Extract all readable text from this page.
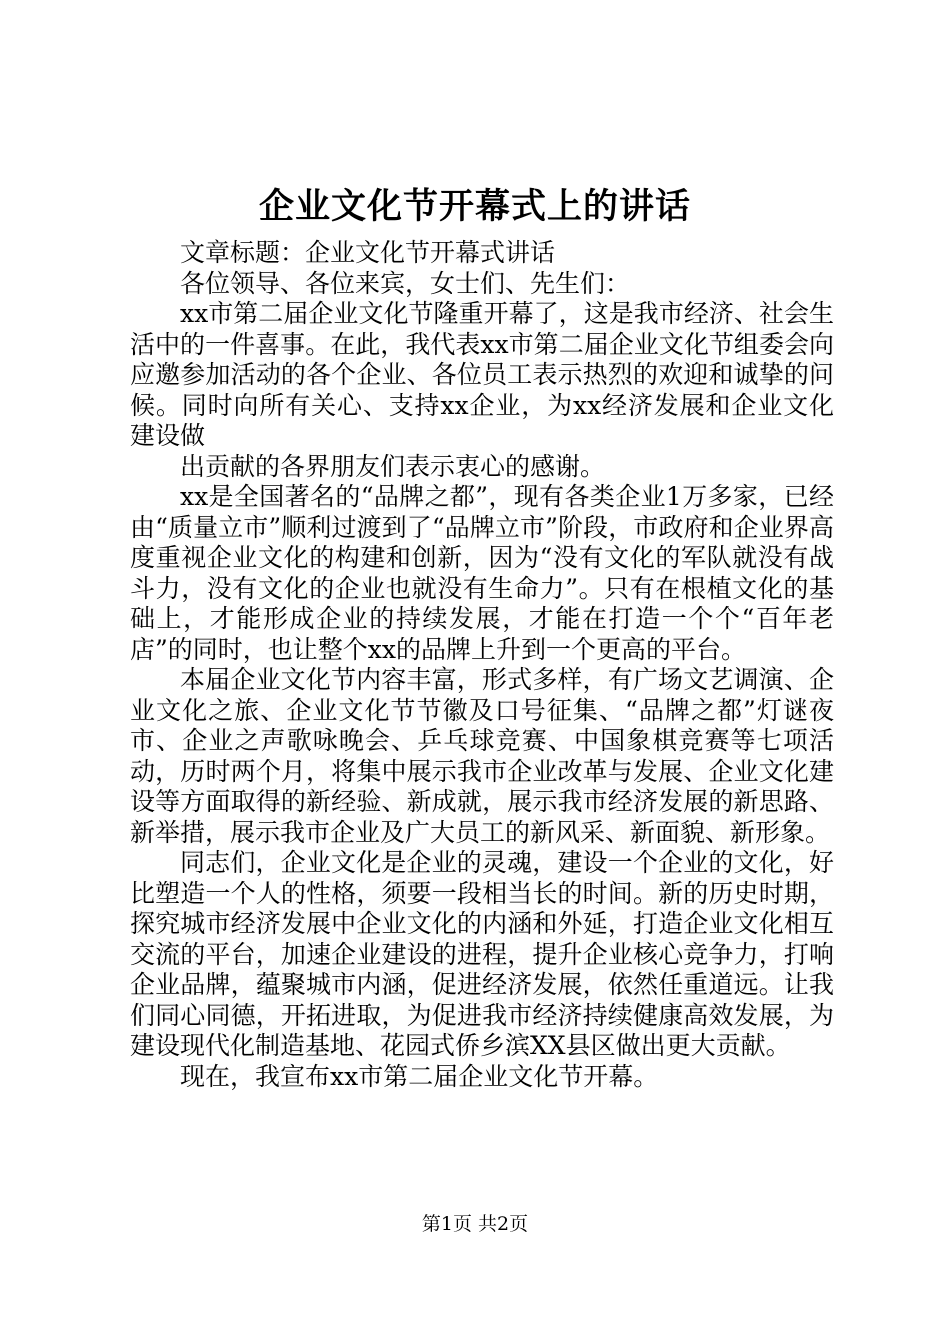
企业文化节开幕式上的讲话

文章标题：企业文化节开幕式讲话

各位领导、各位来宾，女士们、先生们：

xx市第二届企业文化节隆重开幕了，这是我市经济、社会生活中的一件喜事。在此，我代表xx市第二届企业文化节组委会向应邀参加活动的各个企业、各位员工表示热烈的欢迎和诚挚的问候。同时向所有关心、支持xx企业，为xx经济发展和企业文化建设做

出贡献的各界朋友们表示衷心的感谢。

xx是全国著名的“品牌之都”，现有各类企业1万多家，已经由“质量立市”顺利过渡到了“品牌立市”阶段，市政府和企业界高度重视企业文化的构建和创新，因为“没有文化的军队就没有战斗力，没有文化的企业也就没有生命力”。只有在根植文化的基础上，才能形成企业的持续发展，才能在打造一个个“百年老店”的同时，也让整个xx的品牌上升到一个更高的平台。

本届企业文化节内容丰富，形式多样，有广场文艺调演、企业文化之旅、企业文化节节徽及口号征集、“品牌之都”灯谜夜市、企业之声歌咏晚会、乒乓球竞赛、中国象棋竞赛等七项活动，历时两个月，将集中展示我市企业改革与发展、企业文化建设等方面取得的新经验、新成就，展示我市经济发展的新思路、新举措，展示我市企业及广大员工的新风采、新面貌、新形象。

同志们，企业文化是企业的灵魂，建设一个企业的文化，好比塑造一个人的性格，须要一段相当长的时间。新的历史时期，探究城市经济发展中企业文化的内涵和外延，打造企业文化相互交流的平台，加速企业建设的进程，提升企业核心竞争力，打响企业品牌，蕴聚城市内涵，促进经济发展，依然任重道远。让我们同心同德，开拓进取，为促进我市经济持续健康高效发展，为建设现代化制造基地、花园式侨乡滨XX县区做出更大贡献。

现在，我宣布xx市第二届企业文化节开幕。

第1页 共2页
